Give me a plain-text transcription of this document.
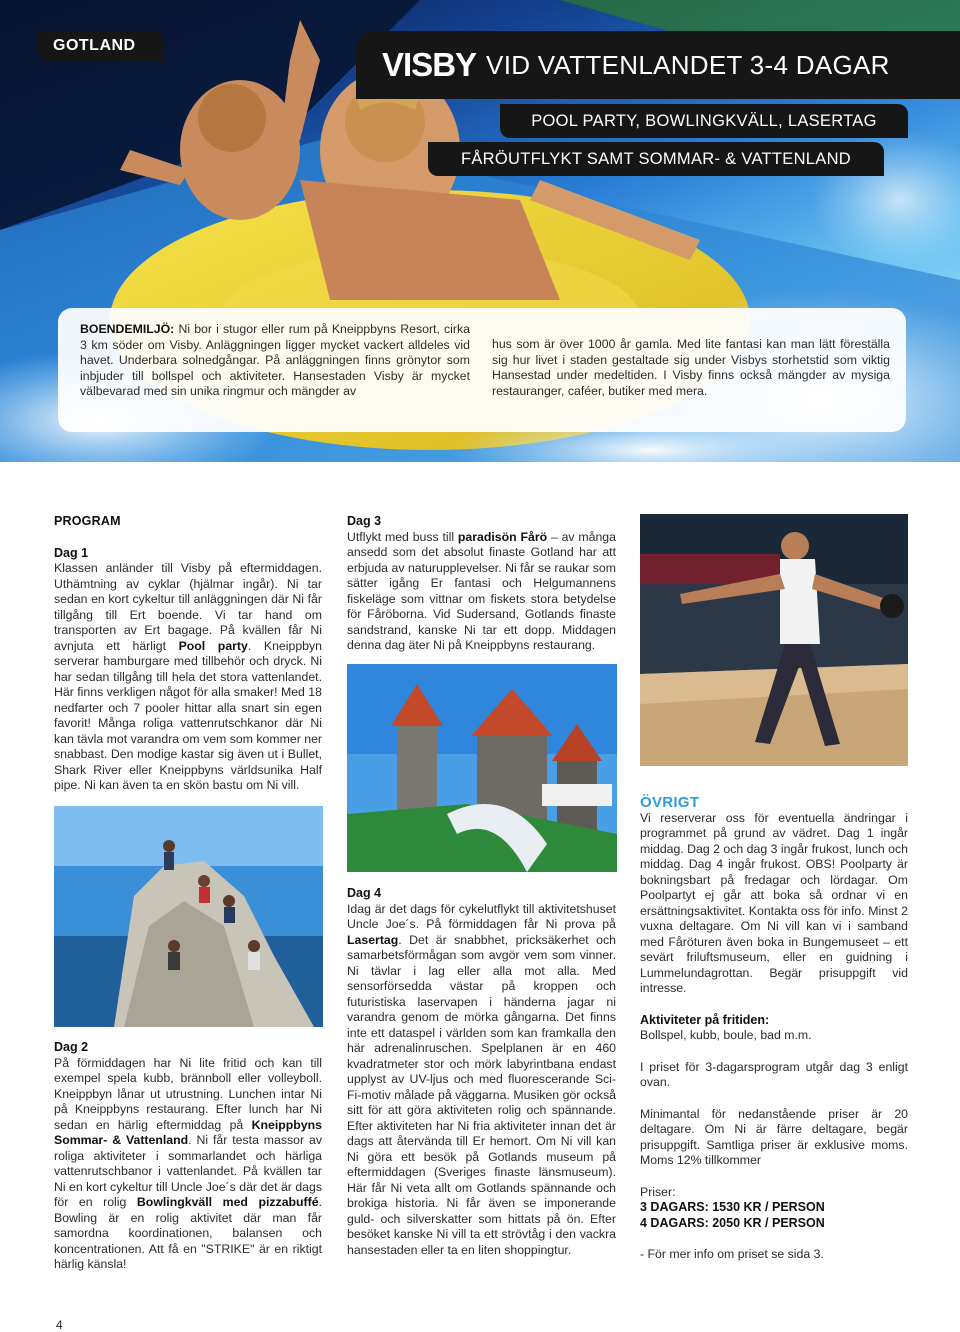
GOTLAND
VISBY VID VATTENLANDET 3-4 DAGAR
POOL PARTY, BOWLINGKVÄLL, LASERTAG
FÅRÖUTFLYKT SAMT SOMMAR- & VATTENLAND
BOENDEMILJÖ: Ni bor i stugor eller rum på Kneippbyns Resort, cirka 3 km söder om Visby. Anläggningen ligger mycket vackert alldeles vid havet. Underbara solnedgångar. På anläggningen finns grönytor som inbjuder till bollspel och aktiviteter. Hansestaden Visby är mycket välbevarad med sin unika ringmur och mängder av
hus som är över 1000 år gamla. Med lite fantasi kan man lätt föreställa sig hur livet i staden gestaltade sig under Visbys storhetstid som viktig Hansestad under medeltiden. I Visby finns också mängder av mysiga restauranger, caféer, butiker med mera.

PROGRAM

Dag 1

Klassen anländer till Visby på eftermiddagen. Uthämtning av cyklar (hjälmar ingår). Ni tar sedan en kort cykeltur till anläggningen där Ni får tillgång till Ert boende. Vi tar hand om transporten av Ert bagage. På kvällen får Ni avnjuta ett härligt Pool party. Kneippbyn serverar hamburgare med tillbehör och dryck. Ni har sedan tillgång till hela det stora vattenlandet. Här finns verkligen något för alla smaker! Med 18 nedfarter och 7 pooler hittar alla snart sin egen favorit! Många roliga vattenrutschkanor där Ni kan tävla mot varandra om vem som kommer ner snabbast. Den modige kastar sig även ut i Bullet, Shark River eller Kneippbyns världsunika Half pipe. Ni kan även ta en skön bastu om Ni vill.

Dag 2

På förmiddagen har Ni lite fritid och kan till exempel spela kubb, brännboll eller volleyboll. Kneippbyn lånar ut utrustning. Lunchen intar Ni på Kneippbyns restaurang. Efter lunch har Ni sedan en härlig eftermiddag på Kneippbyns Sommar- & Vattenland. Ni får testa massor av roliga aktiviteter i sommarlandet och härliga vattenrutschbanor i vattenlandet. På kvällen tar Ni en kort cykeltur till Uncle Joe´s där det är dags för en rolig Bowlingkväll med pizzabuffé. Bowling är en rolig aktivitet där man får samordna koordinationen, balansen och koncentrationen. Att få en "STRIKE" är en riktigt härlig känsla!

Dag 3

Utflykt med buss till paradisön Fårö – av många ansedd som det absolut finaste Gotland har att erbjuda av naturupplevelser. Ni får se raukar som sätter igång Er fantasi och Helgumannens fiskeläge som vittnar om fiskets stora betydelse för Fåröborna. Vid Sudersand, Gotlands finaste sandstrand, kanske Ni tar ett dopp. Middagen denna dag äter Ni på Kneippbyns restaurang.

Dag 4

Idag är det dags för cykelutflykt till aktivitetshuset Uncle Joe´s. På förmiddagen får Ni prova på Lasertag. Det är snabbhet, pricksäkerhet och samarbetsförmågan som avgör vem som vinner. Ni tävlar i lag eller alla mot alla. Med sensorförsedda västar på kroppen och futuristiska laservapen i händerna jagar ni varandra genom de mörka gångarna. Det finns inte ett dataspel i världen som kan framkalla den här adrenalinruschen. Spelplanen är en 460 kvadratmeter stor och mörk labyrintbana endast upplyst av UV-ljus och med fluorescerande Sci-Fi-motiv målade på väggarna. Musiken gör också sitt för att göra aktiviteten rolig och spännande. Efter aktiviteten har Ni fria aktiviteter innan det är dags att återvända till Er hemort. Om Ni vill kan Ni göra ett besök på Gotlands museum på eftermiddagen (Sveriges finaste länsmuseum). Här får Ni veta allt om Gotlands spännande och brokiga historia. Ni får även se imponerande guld- och silverskatter som hittats på ön. Efter besöket kanske Ni vill ta ett strövtåg i den vackra hansestaden eller ta en liten shoppingtur.

ÖVRIGT

Vi reserverar oss för eventuella ändringar i programmet på grund av vädret. Dag 1 ingår middag. Dag 2 och dag 3 ingår frukost, lunch och middag. Dag 4 ingår frukost. OBS! Poolparty är bokningsbart på fredagar och lördagar. Om Poolpartyt ej går att boka så ordnar vi en ersättningsaktivitet. Kontakta oss för info. Minst 2 vuxna deltagare. Om Ni vill kan vi i samband med Fåröturen även boka in Bungemuseet – ett sevärt friluftsmuseum, eller en guidning i Lummelundagrottan. Begär prisuppgift vid intresse.

Aktiviteter på fritiden:

Bollspel, kubb, boule, bad m.m.

I priset för 3-dagarsprogram utgår dag 3 enligt ovan.

Minimantal för nedanstående priser är 20 deltagare. Om Ni är färre deltagare, begär prisuppgift. Samtliga priser är exklusive moms. Moms 12% tillkommer

Priser:

3 DAGARS: 1530 KR / PERSON

4 DAGARS: 2050 KR / PERSON

- För mer info om priset se sida 3.

4
